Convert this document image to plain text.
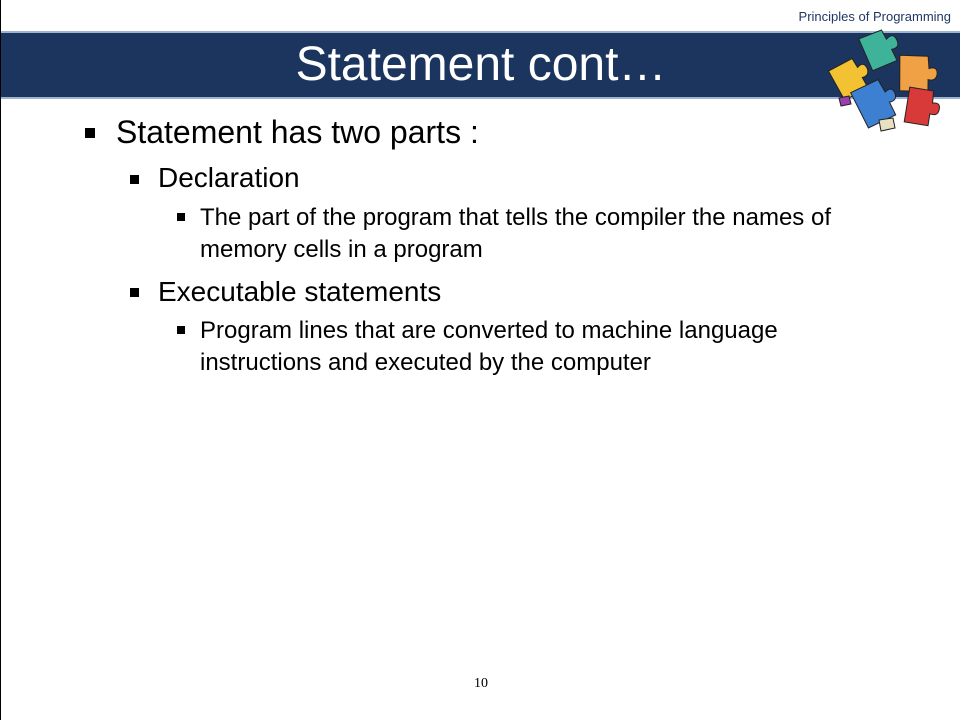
Principles of Programming
Statement cont…
Statement has two parts :
Declaration
The part of the program that tells the compiler the names of memory cells in a program
Executable statements
Program lines that are converted to machine language instructions and executed by the computer
10
